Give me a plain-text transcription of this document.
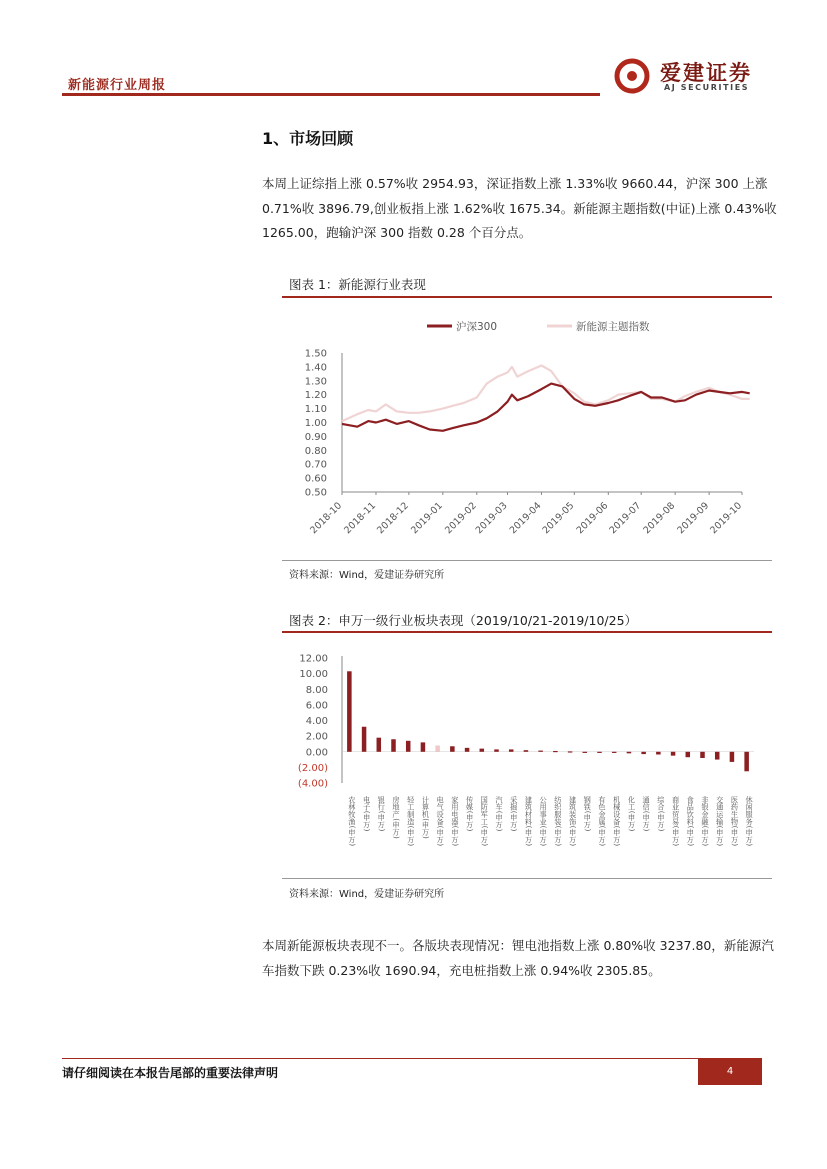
新能源行业周报
爱建证券
AJ SECURITIES
1、市场回顾
本周上证综指上涨 0.57%收 2954.93，深证指数上涨 1.33%收 9660.44，沪深 300 上涨 0.71%收 3896.79,创业板指上涨 1.62%收 1675.34。新能源主题指数(中证)上涨 0.43%收 1265.00，跑输沪深 300 指数 0.28 个百分点。
图表 1：新能源行业表现
沪深300	新能源主题指数
1.50
1.40
1.30
1.20
1.10
1.00
0.90
0.80
0.70
0.60
0.50
2018-10
2018-11
2018-12
2019-01
2019-02
2019-03
2019-04
2019-05
2019-06
2019-07
2019-08
2019-09
2019-10
资料来源：Wind，爱建证券研究所
图表 2：申万一级行业板块表现（2019/10/21-2019/10/25）
12.00
10.00
8.00
6.00
4.00
2.00
0.00
(2.00)
(4.00)
农林牧渔(申万) 电子(申万) 银行(申万) 房地产(申万) 轻工制造(申万) 计算机(申万) 电气设备(申万) 家用电器(申万) 传媒(申万) 国防军工(申万) 汽车(申万) 采掘(申万) 建筑材料(申万) 公用事业(申万) 纺织服装(申万) 建筑装饰(申万) 钢铁(申万) 有色金属(申万) 机械设备(申万) 化工(申万) 通信(申万) 综合(申万) 商业贸易(申万) 食品饮料(申万) 非银金融(申万) 交通运输(申万) 医药生物(申万) 休闲服务(申万)
资料来源：Wind，爱建证券研究所
本周新能源板块表现不一。各版块表现情况：锂电池指数上涨 0.80%收 3237.80，新能源汽车指数下跌 0.23%收 1690.94，充电桩指数上涨 0.94%收 2305.85。
请仔细阅读在本报告尾部的重要法律声明	4
